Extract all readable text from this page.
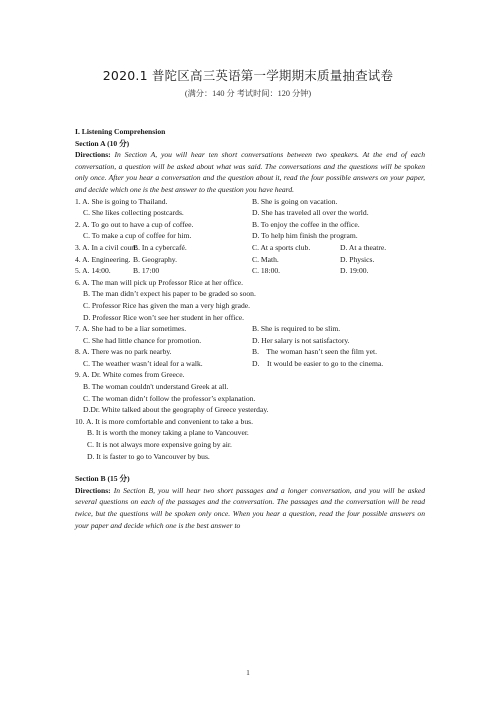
2020.1 普陀区高三英语第一学期期末质量抽查试卷
(满分：140 分 考试时间：120 分钟)
I. Listening Comprehension
Section A (10 分)
Directions: In Section A, you will hear ten short conversations between two speakers. At the end of each conversation, a question will be asked about what was said. The conversations and the questions will be spoken only once. After you hear a conversation and the question about it, read the four possible answers on your paper, and decide which one is the best answer to the question you have heard.
1. A. She is going to Thailand.	B. She is going on vacation.
C. She likes collecting postcards.	D. She has traveled all over the world.
2. A. To go out to have a cup of coffee.	B. To enjoy the coffee in the office.
C. To make a cup of coffee for him.	D. To help him finish the program.
3. A. In a civil court.
B. In a cybercafé.	C. At a sports club.	D. At a theatre.
4. A. Engineering. B. Geography.	C. Math.	D. Physics.
5. A. 14:00.	B. 17:00	C. 18:00.	D. 19:00.
6. A. The man will pick up Professor Rice at her office.
B. The man didn’t expect his paper to be graded so soon.
C. Professor Rice has given the man a very high grade.
D. Professor Rice won’t see her student in her office.
7. A. She had to be a liar sometimes.	B. She is required to be slim.
C. She had little chance for promotion.	D. Her salary is not satisfactory.
8. A. There was no park nearby.	B.    The woman hasn’t seen the film yet.
C. The weather wasn’t ideal for a walk.	D.    It would be easier to go to the cinema.
9. A. Dr. White comes from Greece.
B. The woman couldn't understand Greek at all.
C. The woman didn’t follow the professor’s explanation.
D.Dr. White talked about the geography of Greece yesterday.
10. A. It is more comfortable and convenient to take a bus.
B. It is worth the money taking a plane to Vancouver.
C. It is not always more expensive going by air.
D. It is faster to go to Vancouver by bus.
Section B (15 分)
Directions: In Section B, you will hear two short passages and a longer conversation, and you will be asked several questions on each of the passages and the conversation. The passages and the conversation will be read twice, but the questions will be spoken only once. When you hear a question, read the four possible answers on your paper and decide which one is the best answer to
1
